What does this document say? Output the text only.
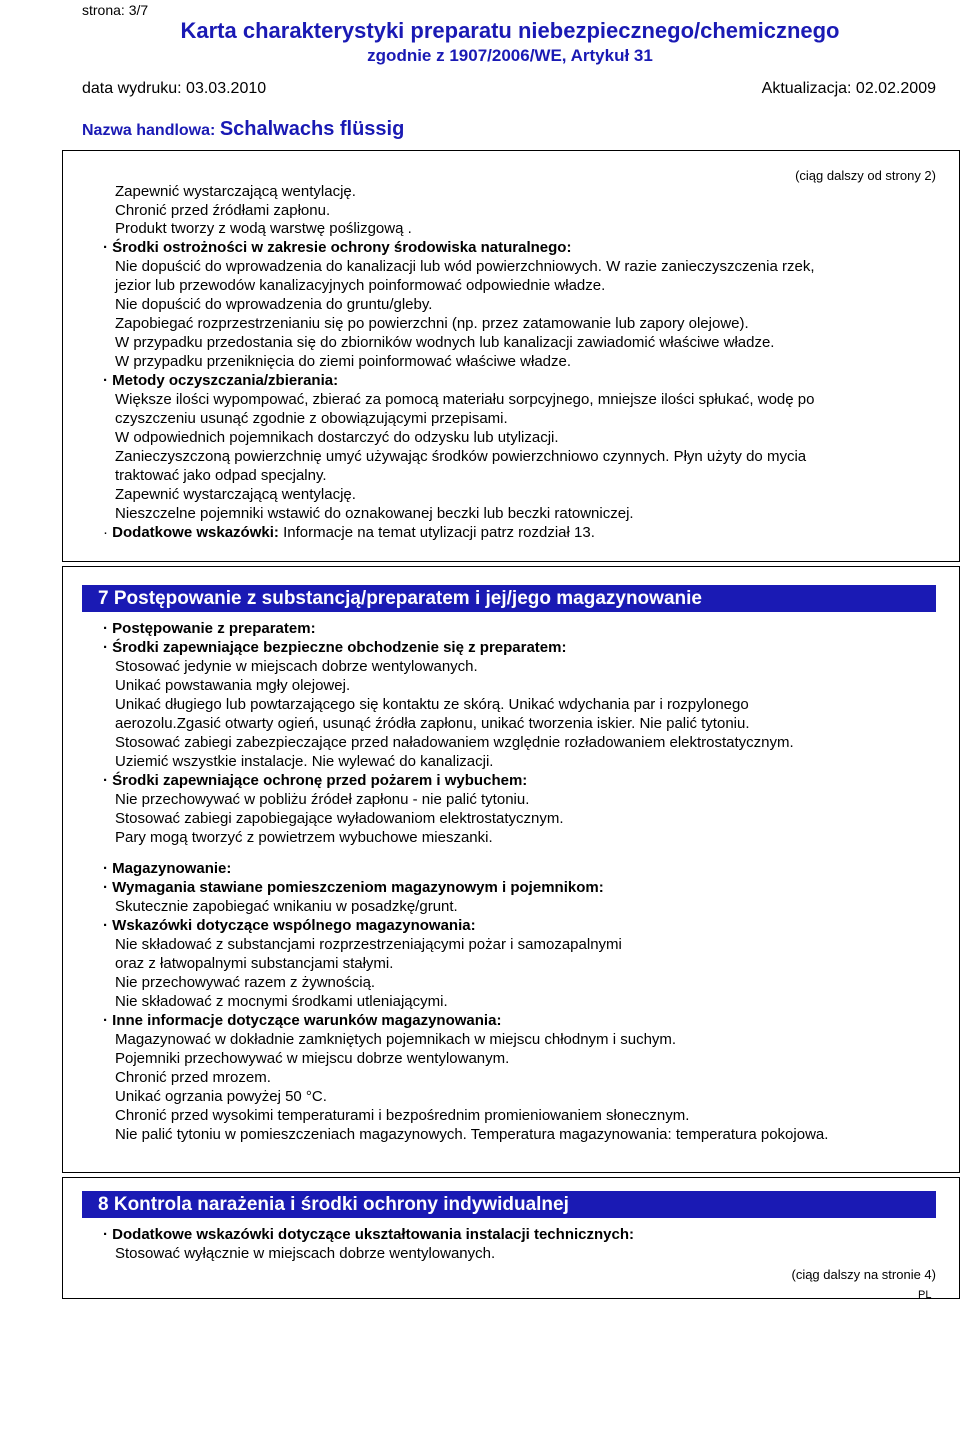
strona: 3/7
Karta charakterystyki preparatu niebezpiecznego/chemicznego
zgodnie z 1907/2006/WE, Artykuł 31
data wydruku: 03.03.2010	Aktualizacja: 02.02.2009
Nazwa handlowa: Schalwachs flüssig
(ciąg dalszy od strony 2)
Zapewnić wystarczającą wentylację.
Chronić przed źródłami zapłonu.
Produkt tworzy z wodą warstwę poślizgową .
· Środki ostrożności w zakresie ochrony środowiska naturalnego:
Nie dopuścić do wprowadzenia do kanalizacji lub wód powierzchniowych. W razie zanieczyszczenia rzek,
jezior lub przewodów kanalizacyjnych poinformować odpowiednie władze.
Nie dopuścić do wprowadzenia do gruntu/gleby.
Zapobiegać rozprzestrzenianiu się po powierzchni (np. przez zatamowanie lub zapory olejowe).
W przypadku przedostania się do zbiorników wodnych lub kanalizacji zawiadomić właściwe władze.
W przypadku przeniknięcia do ziemi poinformować właściwe władze.
· Metody oczyszczania/zbierania:
Większe ilości wypompować, zbierać za pomocą materiału sorpcyjnego, mniejsze ilości spłukać, wodę po
czyszczeniu usunąć zgodnie z obowiązującymi przepisami.
W odpowiednich pojemnikach dostarczyć do odzysku lub utylizacji.
Zanieczyszczoną powierzchnię umyć używając środków powierzchniowo czynnych. Płyn użyty do mycia
traktować jako odpad specjalny.
Zapewnić wystarczającą wentylację.
Nieszczelne pojemniki wstawić do oznakowanej beczki lub beczki ratowniczej.
· Dodatkowe wskazówki: Informacje na temat utylizacji patrz rozdział 13.
7 Postępowanie z substancją/preparatem i jej/jego magazynowanie
· Postępowanie z preparatem:
· Środki zapewniające bezpieczne obchodzenie się z preparatem:
Stosować jedynie w miejscach dobrze wentylowanych.
Unikać powstawania mgły olejowej.
Unikać długiego lub powtarzającego się kontaktu ze skórą. Unikać wdychania par i rozpylonego
aerozolu.Zgasić otwarty ogień, usunąć źródła zapłonu, unikać tworzenia iskier. Nie palić tytoniu.
Stosować zabiegi zabezpieczające przed naładowaniem względnie rozładowaniem elektrostatycznym.
Uziemić wszystkie instalacje. Nie wylewać do kanalizacji.
· Środki zapewniające ochronę przed pożarem i wybuchem:
Nie przechowywać w pobliżu źródeł zapłonu - nie palić tytoniu.
Stosować zabiegi zapobiegające wyładowaniom elektrostatycznym.
Pary mogą tworzyć z powietrzem wybuchowe mieszanki.
· Magazynowanie:
· Wymagania stawiane pomieszczeniom magazynowym i pojemnikom:
Skutecznie zapobiegać wnikaniu w posadzkę/grunt.
· Wskazówki dotyczące wspólnego magazynowania:
Nie składować z substancjami rozprzestrzeniającymi pożar i samozapalnymi
oraz z łatwopalnymi substancjami stałymi.
Nie przechowywać razem z żywnością.
Nie składować z mocnymi środkami utleniającymi.
· Inne informacje dotyczące warunków magazynowania:
Magazynować w dokładnie zamkniętych pojemnikach w miejscu chłodnym i suchym.
Pojemniki przechowywać w miejscu dobrze wentylowanym.
Chronić przed mrozem.
Unikać ogrzania powyżej 50 °C.
Chronić przed wysokimi temperaturami i bezpośrednim promieniowaniem słonecznym.
Nie palić tytoniu w pomieszczeniach magazynowych. Temperatura magazynowania: temperatura pokojowa.
8 Kontrola narażenia i środki ochrony indywidualnej
· Dodatkowe wskazówki dotyczące ukształtowania instalacji technicznych:
Stosować wyłącznie w miejscach dobrze wentylowanych.
(ciąg dalszy na stronie 4)
PL
